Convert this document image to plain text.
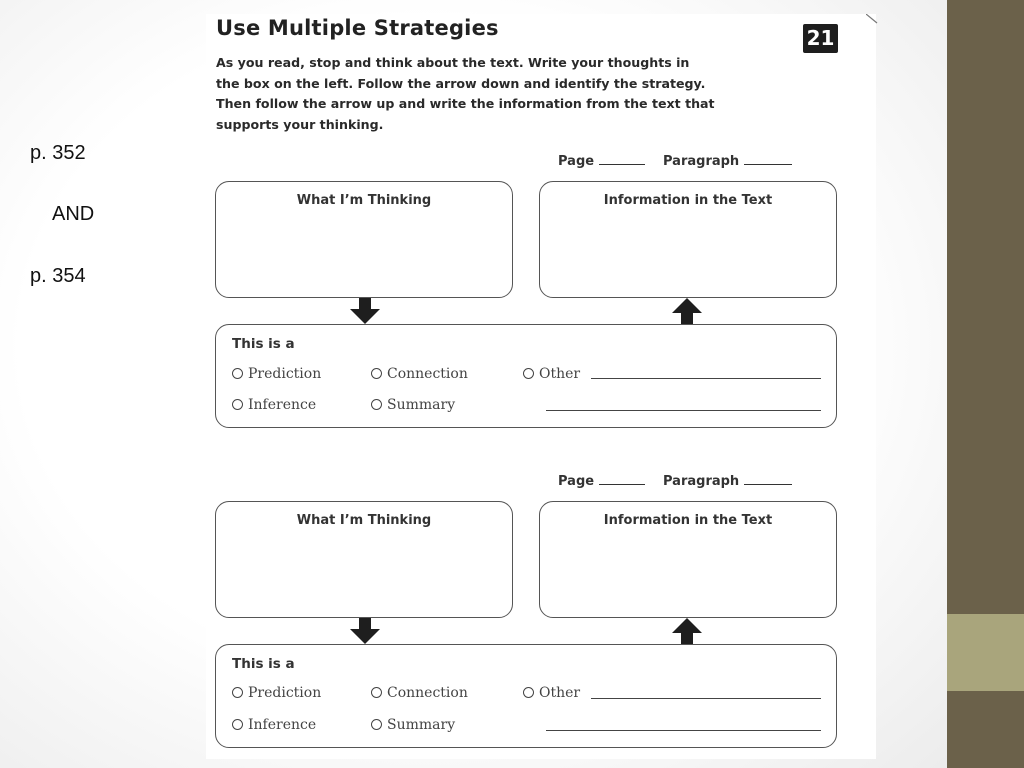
p. 352
AND
p. 354
Use Multiple Strategies	21
As you read, stop and think about the text. Write your thoughts in
the box on the left. Follow the arrow down and identify the strategy.
Then follow the arrow up and write the information from the text that
supports your thinking.
Page	Paragraph
What I’m Thinking	Information in the Text
This is a
Prediction	Connection	Other
Inference	Summary
Page	Paragraph
What I’m Thinking	Information in the Text
This is a
Prediction	Connection	Other
Inference	Summary
